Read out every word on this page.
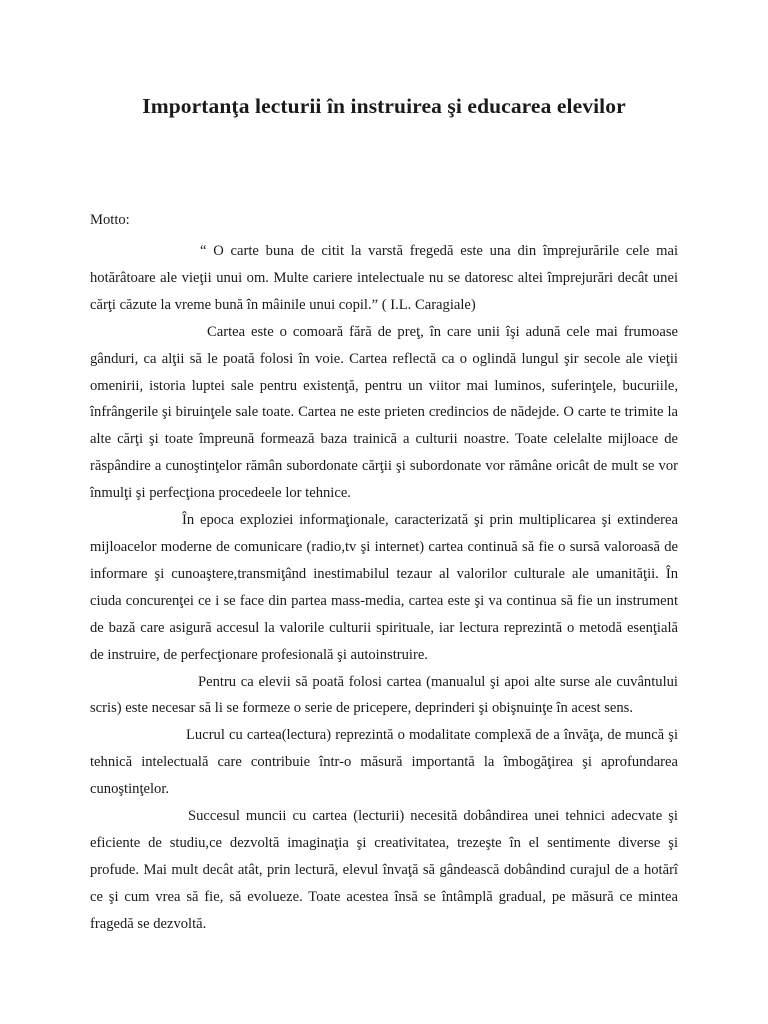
Importanţa lecturii în instruirea şi educarea elevilor

Motto:

“ O carte buna de citit la varstă fregedă este una din împrejurările cele mai hotărâtoare ale vieţii unui om. Multe cariere intelectuale nu se datoresc altei împrejurări decât unei cărţi căzute la vreme bună în mâinile unui copil.” ( I.L. Caragiale)

Cartea este o comoară fără de preţ, în care unii îşi adună cele mai frumoase gânduri, ca alţii să le poată folosi în voie. Cartea reflectă ca o oglindă lungul şir secole ale vieţii omenirii, istoria luptei sale pentru existenţă, pentru un viitor mai luminos, suferinţele, bucuriile, înfrângerile şi biruinţele sale toate. Cartea ne este prieten credincios de nădejde. O carte te trimite la alte cărţi şi toate împreună formează baza trainică a culturii noastre. Toate celelalte mijloace de răspândire a cunoştinţelor rămân subordonate cărţii şi subordonate vor rămâne oricât de mult se vor înmulţi şi perfecţiona procedeele lor tehnice.

În epoca exploziei informaţionale, caracterizată şi prin multiplicarea şi extinderea mijloacelor moderne de comunicare (radio,tv şi internet) cartea continuă să fie o sursă valoroasă de informare şi cunoaştere,transmiţând inestimabilul tezaur al valorilor culturale ale umanităţii. În ciuda concurenţei ce i se face din partea mass-media, cartea este şi va continua să fie un instrument de bază care asigură accesul la valorile culturii spirituale, iar lectura reprezintă o metodă esenţială de instruire, de perfecţionare profesională şi autoinstruire.

Pentru ca elevii să poată folosi cartea (manualul şi apoi alte surse ale cuvântului scris) este necesar să li se formeze o serie de pricepere, deprinderi şi obişnuinţe în acest sens.

Lucrul cu cartea(lectura) reprezintă o modalitate complexă de a învăţa, de muncă şi tehnică intelectuală care contribuie într-o măsură importantă la îmbogăţirea şi aprofundarea cunoştinţelor.

Succesul muncii cu cartea (lecturii) necesită dobândirea unei tehnici adecvate şi eficiente de studiu,ce dezvoltă imaginaţia şi creativitatea, trezeşte în el sentimente diverse şi profude. Mai mult decât atât, prin lectură, elevul învaţă să gândească dobândind curajul de a hotărî ce şi cum vrea să fie, să evolueze. Toate acestea însă se întâmplă gradual, pe măsură ce mintea fragedă se dezvoltă.
